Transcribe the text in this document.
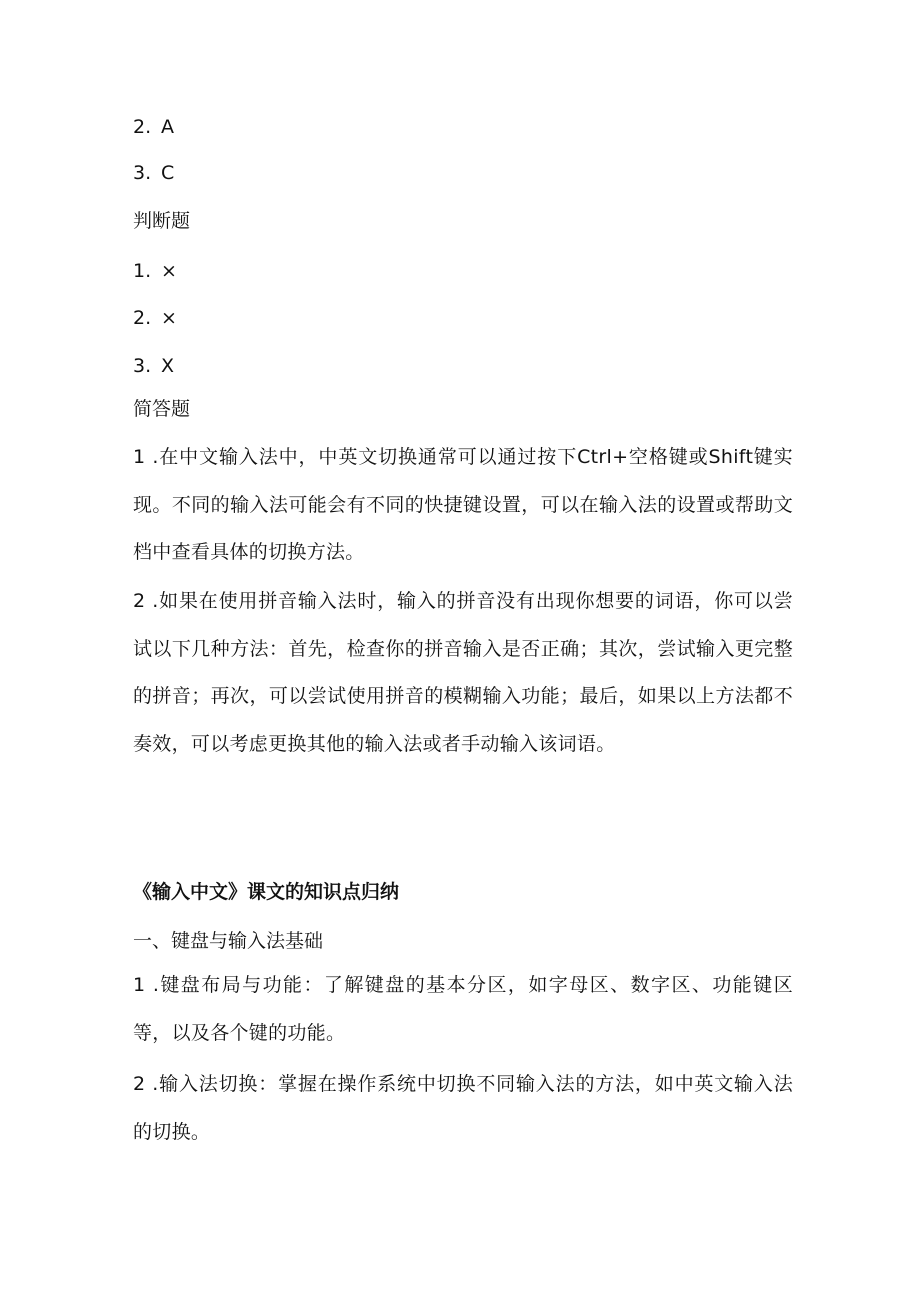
2. A
3. C
判断题
1. ×
2. ×
3. X
简答题
1 .在中文输入法中，中英文切换通常可以通过按下Ctrl+空格键或Shift键实现。不同的输入法可能会有不同的快捷键设置，可以在输入法的设置或帮助文档中查看具体的切换方法。
2 .如果在使用拼音输入法时，输入的拼音没有出现你想要的词语，你可以尝试以下几种方法：首先，检查你的拼音输入是否正确；其次，尝试输入更完整的拼音；再次，可以尝试使用拼音的模糊输入功能；最后，如果以上方法都不奏效，可以考虑更换其他的输入法或者手动输入该词语。
《输入中文》课文的知识点归纳
一、键盘与输入法基础
1 .键盘布局与功能：了解键盘的基本分区，如字母区、数字区、功能键区等，以及各个键的功能。
2 .输入法切换：掌握在操作系统中切换不同输入法的方法，如中英文输入法的切换。
